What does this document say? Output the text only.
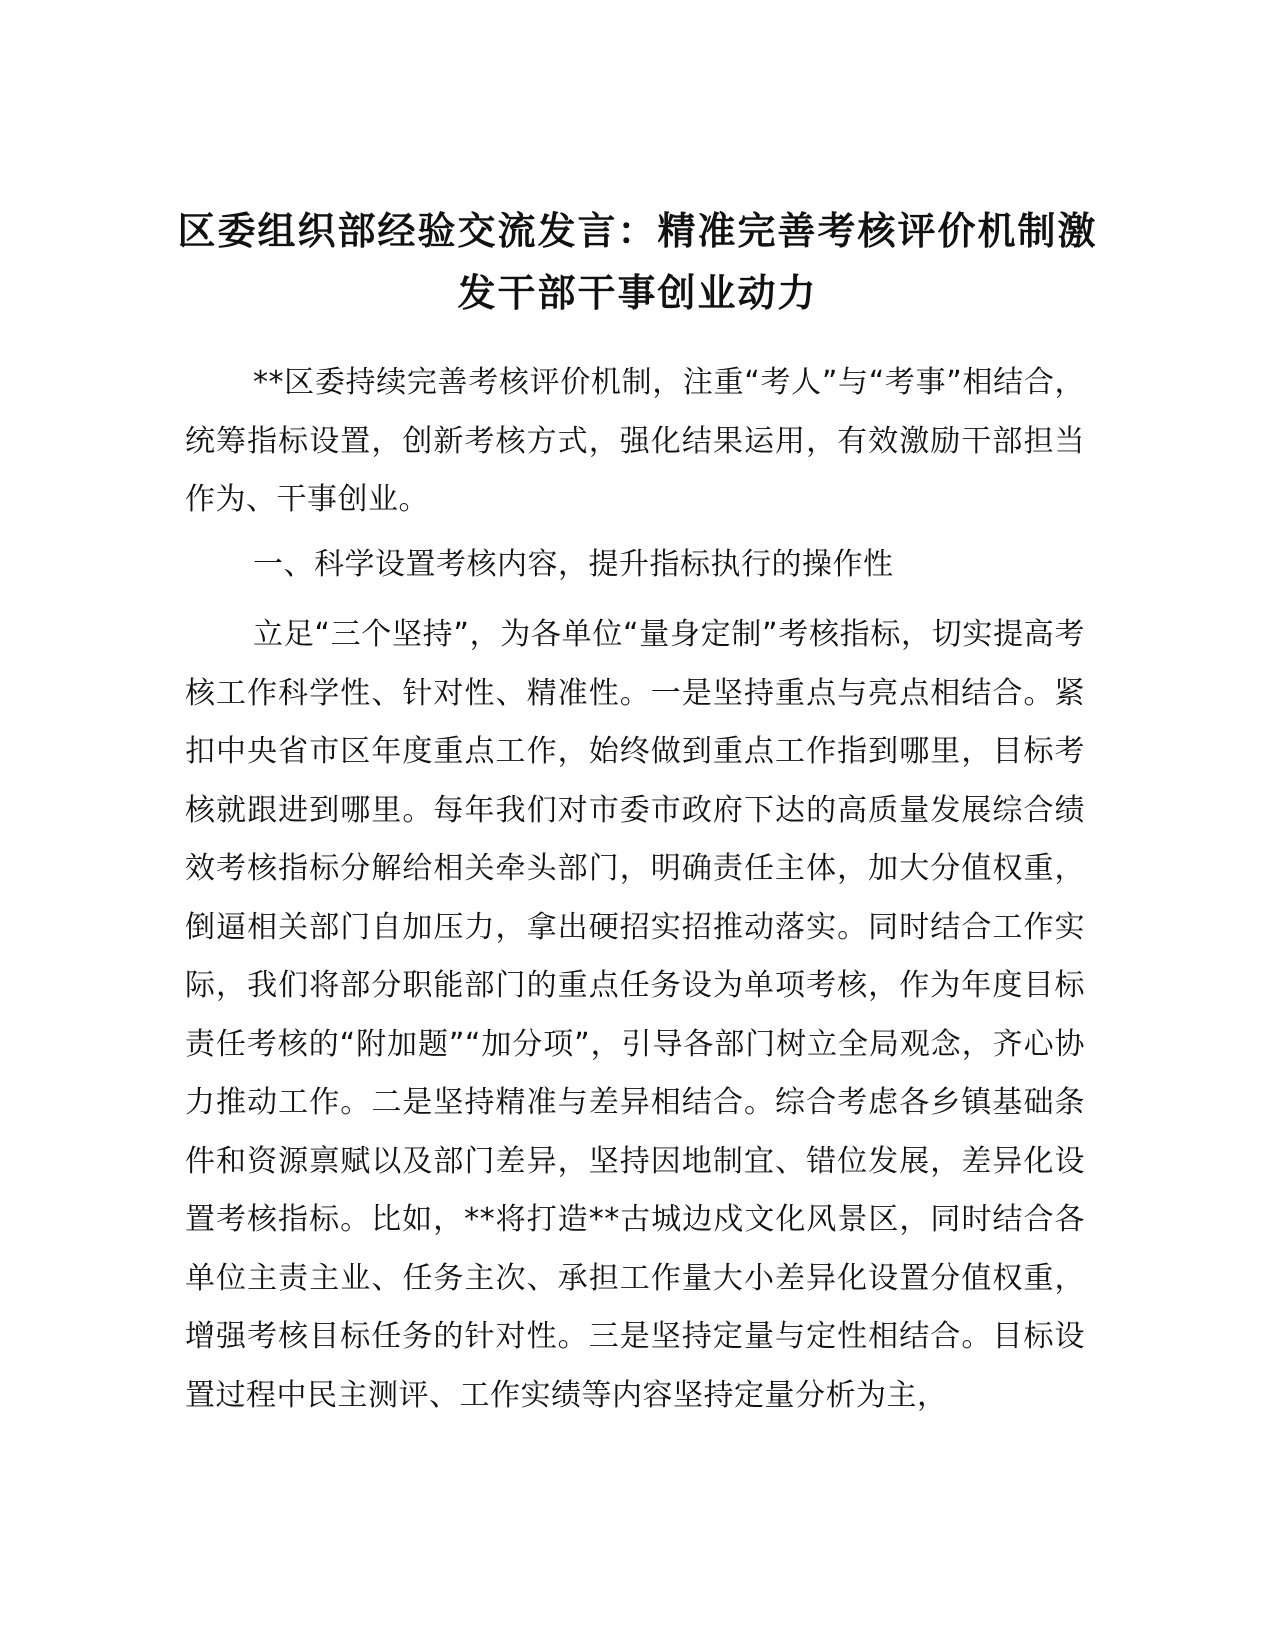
区委组织部经验交流发言：精准完善考核评价机制激发干部干事创业动力
**区委持续完善考核评价机制，注重“考人”与“考事”相结合，统筹指标设置，创新考核方式，强化结果运用，有效激励干部担当作为、干事创业。
一、科学设置考核内容，提升指标执行的操作性
立足“三个坚持”，为各单位“量身定制”考核指标，切实提高考核工作科学性、针对性、精准性。一是坚持重点与亮点相结合。紧扣中央省市区年度重点工作，始终做到重点工作指到哪里，目标考核就跟进到哪里。每年我们对市委市政府下达的高质量发展综合绩效考核指标分解给相关牵头部门，明确责任主体，加大分值权重，倒逼相关部门自加压力，拿出硬招实招推动落实。同时结合工作实际，我们将部分职能部门的重点任务设为单项考核，作为年度目标责任考核的“附加题”“加分项”，引导各部门树立全局观念，齐心协力推动工作。二是坚持精准与差异相结合。综合考虑各乡镇基础条件和资源禀赋以及部门差异，坚持因地制宜、错位发展，差异化设置考核指标。比如，**将打造**古城边戍文化风景区，同时结合各单位主责主业、任务主次、承担工作量大小差异化设置分值权重，增强考核目标任务的针对性。三是坚持定量与定性相结合。目标设置过程中民主测评、工作实绩等内容坚持定量分析为主，
